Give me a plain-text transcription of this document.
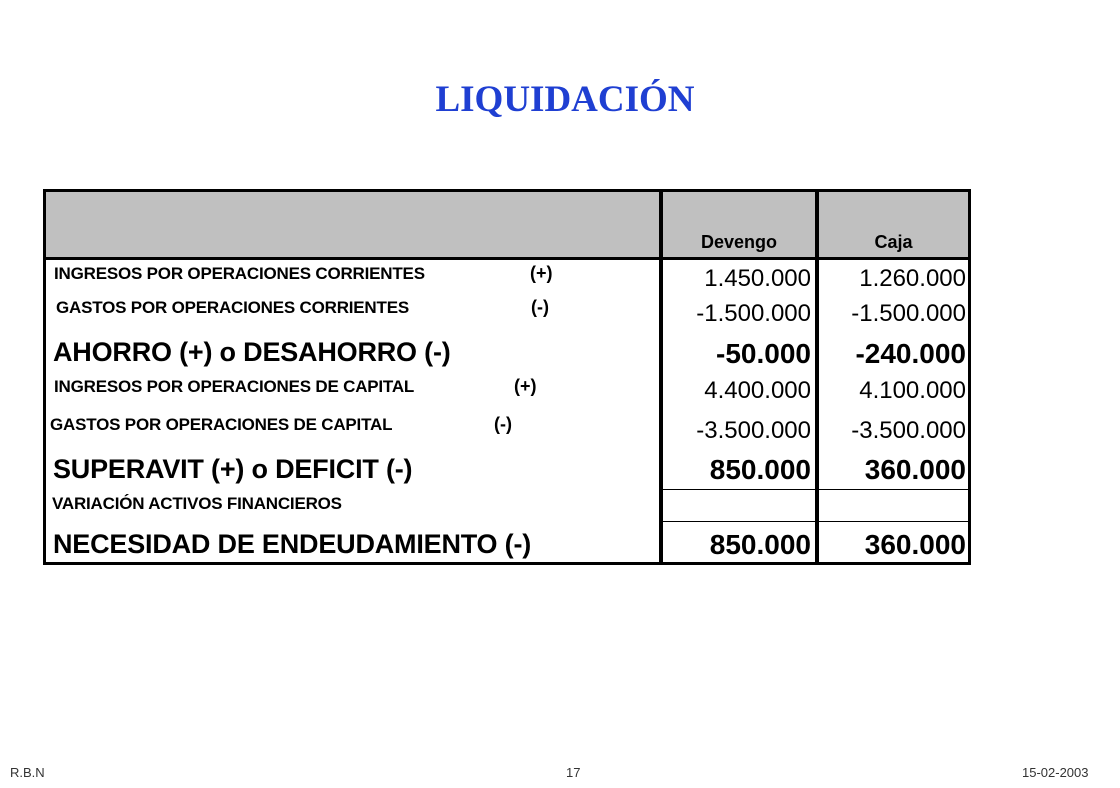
LIQUIDACIÓN
Devengo	Caja
INGRESOS POR OPERACIONES CORRIENTES	(+)	1.450.000	1.260.000
GASTOS POR OPERACIONES CORRIENTES	(-)	-1.500.000	-1.500.000
AHORRO (+) o DESAHORRO (-)	-50.000	-240.000
INGRESOS POR OPERACIONES DE CAPITAL	(+)	4.400.000	4.100.000
GASTOS POR OPERACIONES DE CAPITAL	(-)	-3.500.000	-3.500.000
SUPERAVIT (+) o DEFICIT (-)	850.000	360.000
VARIACIÓN ACTIVOS FINANCIEROS
NECESIDAD DE ENDEUDAMIENTO (-)	850.000	360.000
R.B.N	17	15-02-2003
